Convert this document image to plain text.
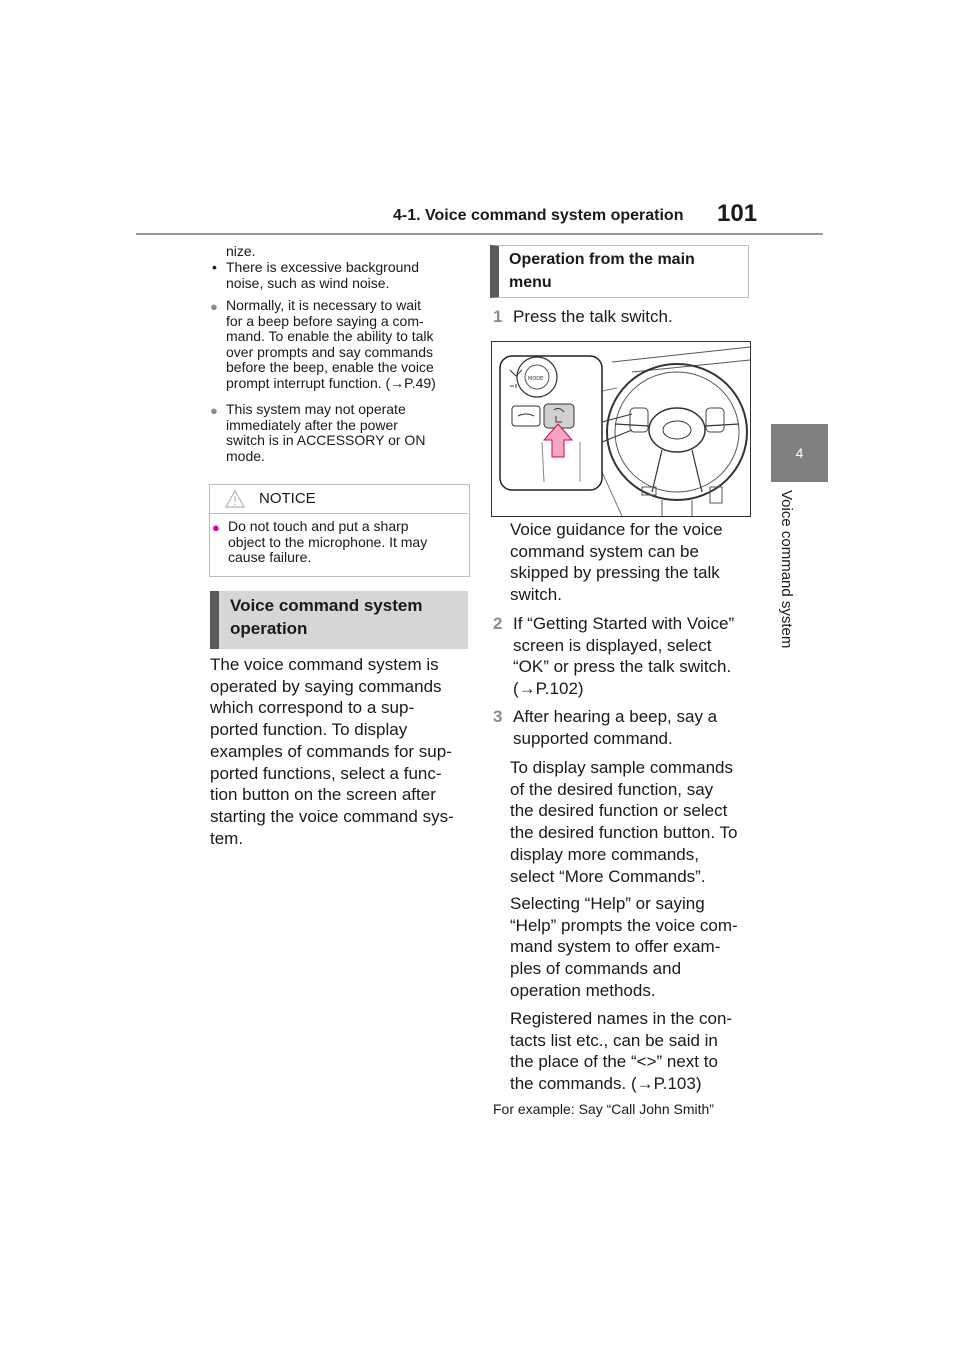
4-1. Voice command system operation 101
4
Voice command system
nize.
• There is excessive background
noise, such as wind noise.
● Normally, it is necessary to wait
for a beep before saying a com-
mand. To enable the ability to talk
over prompts and say commands
before the beep, enable the voice
prompt interrupt function. (→P.49)
● This system may not operate
immediately after the power
switch is in ACCESSORY or ON
mode.
NOTICE
● Do not touch and put a sharp
object to the microphone. It may
cause failure.
Voice command system
operation
The voice command system is
operated by saying commands
which correspond to a sup-
ported function. To display
examples of commands for sup-
ported functions, select a func-
tion button on the screen after
starting the voice command sys-
tem.
Operation from the main
menu
1 Press the talk switch.
MODE
Voice guidance for the voice
command system can be
skipped by pressing the talk
switch.
2 If “Getting Started with Voice”
screen is displayed, select
“OK” or press the talk switch.
(→P.102)
3 After hearing a beep, say a
supported command.
To display sample commands
of the desired function, say
the desired function or select
the desired function button. To
display more commands,
select “More Commands”.
Selecting “Help” or saying
“Help” prompts the voice com-
mand system to offer exam-
ples of commands and
operation methods.
Registered names in the con-
tacts list etc., can be said in
the place of the “<>” next to
the commands. (→P.103)
For example: Say “Call John Smith”
